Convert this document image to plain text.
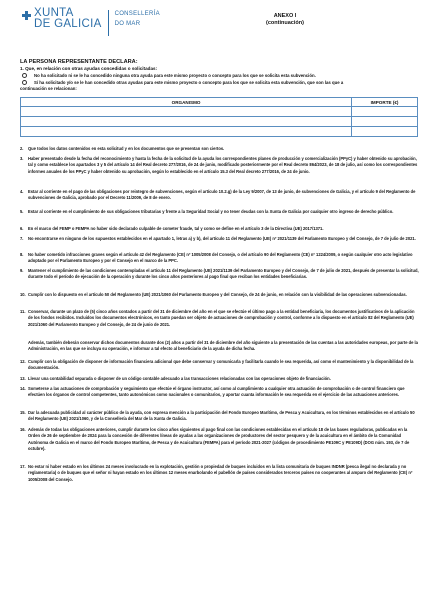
XUNTA
DE GALICIA
CONSELLERÍA
DO MAR
ANEXO I
(continuación)
LA PERSONA REPRESENTANTE DECLARA:
1. Que, en relación con otras ayudas concedidas o solicitadas:
No ha solicitado ni se le ha concedido ninguna otra ayuda para este mismo proyecto o concepto para los que se solicita esta subvención.
Sí ha solicitado y/o se le han concedido otras ayudas para este mismo proyecto o concepto para los que se solicita esta subvención, que son las que a
continuación se relacionan:
ORGANISMO	IMPORTE (€)

2.	Que todos los datos contenidos en esta solicitud y en los documentos que se presentan son ciertos.
3.	Haber presentado desde la fecha del reconocimiento y hasta la fecha de la solicitud de la ayuda los correspondientes planes de producción y comercialización (PPyC) y haber obtenido su aprobación, tal y como establece los apartados 3 y 5 del artículo 14 del Real decreto 277/2016, de 24 de junio, modificado posteriormente por el Real decreto 864/2023, de 18 de julio, así como los correspondientes informes anuales de los PPyC y haber obtenido su aprobación, según lo establecido en el artículo 15.3 del Real decreto 277/2016, de 24 de junio.
4.	Estar al corriente en el pago de las obligaciones por reintegro de subvenciones, según el artículo 10.2.g) de la Ley 9/2007, de 13 de junio, de subvenciones de Galicia, y el artículo 9 del Reglamento de subvenciones de Galicia, aprobado por el Decreto 11/2009, de 8 de enero.
5.	Estar al corriente en el cumplimiento de sus obligaciones tributarias y frente a la Seguridad Social y no tener deudas con la Xunta de Galicia por cualquier otro ingreso de derecho público.
6.	En el marco del FEMP o FEMPA no haber sido declarado culpable de cometer fraude, tal y como se define en el artículo 3 de la Directiva (UE) 2017/1371.
7.	No encontrarse en ninguno de los supuestos establecidos en el apartado 1, letras a) y b), del artículo 11 del Reglamento (UE) nº 2021/1139 del Parlamento Europeo y del Consejo, de 7 de julio de 2021.
8.	No haber cometido infracciones graves según el artículo 42 del Reglamento (CE) nº 1005/2008 del Consejo, o del artículo 90 del Reglamento (CE) nº 1224/2009, o según cualquier otro acto legislativo adoptado por el Parlamento Europeo y por el Consejo en el marco de la PPC.
9.	Mantener el cumplimiento de las condiciones contempladas el artículo 11 del Reglamento (UE) 2021/1139 del Parlamento Europeo y del Consejo, de 7 de julio de 2021, después de presentar la solicitud, durante todo el período de ejecución de la operación y durante los cinco años posteriores al pago final que reciban los entidades beneficiarias.
10. Cumplir con lo dispuesto en el artículo 50 del Reglamento (UE) 2021/1060 del Parlamento Europeo y del Consejo, de 24 de junio, en relación con la visibilidad de las operaciones subvencionadas.
11. Conservar, durante un plazo de (5) cinco años contados a partir del 31 de diciembre del año en el que se efectúe el último pago a la entidad beneficiaria, los documentos justificativos de la aplicación de los fondos recibidos. Incluidos los documentos electrónicos, en tanto puedan ser objeto de actuaciones de comprobación y control, conforme a lo dispuesto en el artículo 82 del Reglamento (UE) 2021/1060 del Parlamento Europeo y del Consejo, de 24 de junio de 2021.
Además, también deberán conservar dichos documentos durante dos (2) años a partir del 31 de diciembre del año siguiente a la presentación de las cuentas a las autoridades europeas, por parte de la Administración, en las que se incluya su operación, e informar a tal efecto al beneficiario de la ayuda de dicha fecha.
12. Cumplir con la obligación de disponer de información financiera adicional que debe conservar y comunicarla y facilitarla cuando le sea requerida, así como el mantenimiento y la disponibilidad de la documentación.
13. Llevar una contabilidad separada o disponer de un código contable adecuado a las transacciones relacionadas con las operaciones objeto de financiación.
14. Someterse a las actuaciones de comprobación y seguimiento que efectúe el órgano instructor, así como al cumplimiento a cualquier otra actuación de comprobación o de control financiero que efectúen los órganos de control competentes, tanto autonómicos como nacionales o comunitarios, y aportar cuanta información le sea requerida en el ejercicio de las actuaciones anteriores.
15. Dar la adecuada publicidad al carácter público de la ayuda, con expresa mención a la participación del Fondo Europeo Marítimo, de Pesca y Acuicultura, en los términos establecidos en el artículo 50 del Reglamento (UE) 2021/1060, y de la Consellería del Mar de la Xunta de Galicia.
16. Además de todas las obligaciones anteriores, cumplir durante los cinco años siguientes al pago final con las condiciones establecidas en el artículo 18 de las bases reguladoras, publicadas en la Orden de 26 de septiembre de 2024 para la concesión de diferentes líneas de ayudas a las organizaciones de productores del sector pesquero y de la acuicultura en el ámbito de la Comunidad Autónoma de Galicia en el marco del Fondo Europeo Marítimo, de Pesca y de Acuicultura (FEMPA) para el período 2021-2027 (códigos de procedimiento PE109C y PE109D) (DOG núm. 193, de 7 de octubre).
17. No estar ni haber estado en los últimos 24 meses involucrado en la explotación, gestión o propiedad de buques incluidos en la lista comunitaria de buques INDNR (pesca ilegal no declarada y no reglamentaria) o de buques que el señor ni hayan estado en los últimos 12 meses enarbolando el pabellón de países considerados terceros países no cooperantes al amparo del Reglamento (CE) nº 1005/2008 del Consejo.
